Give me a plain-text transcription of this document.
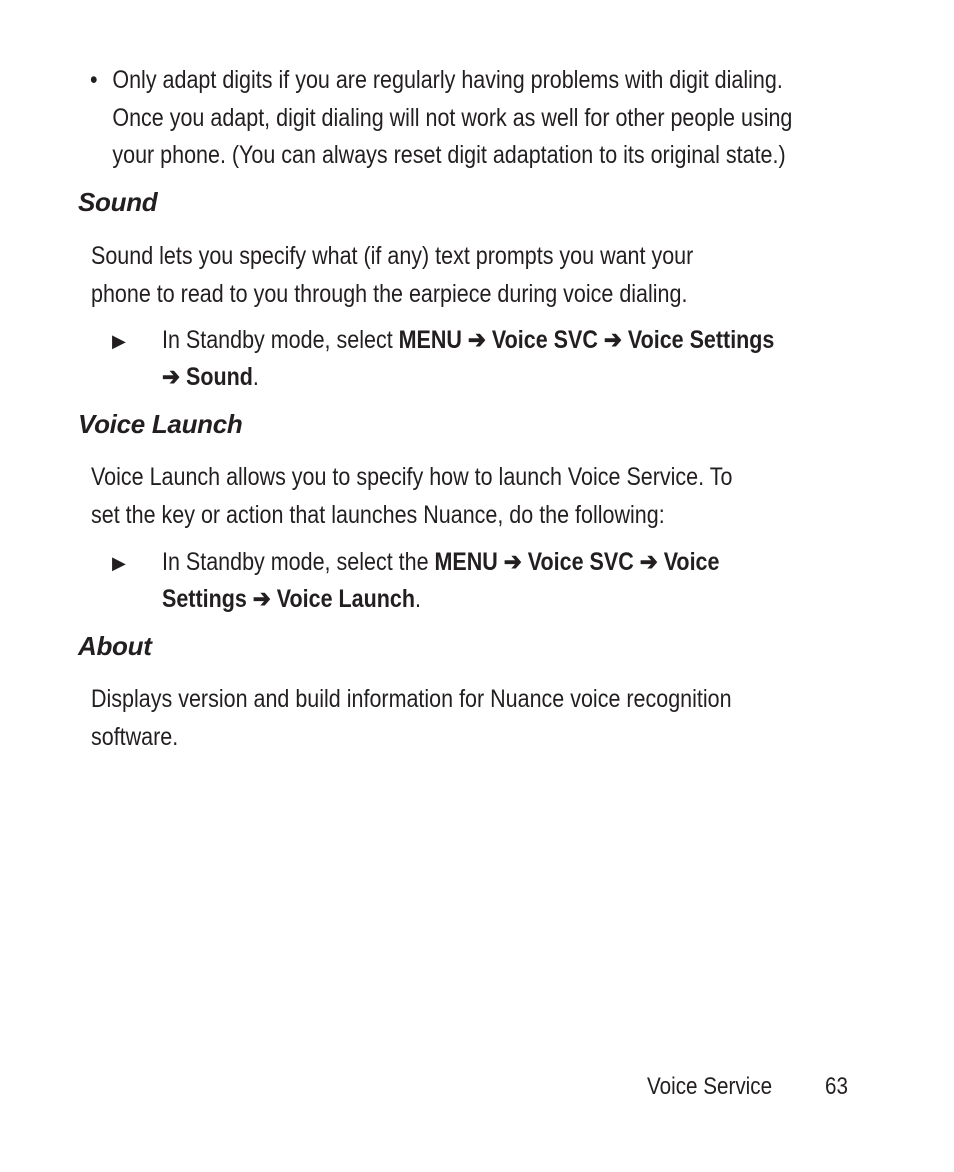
• Only adapt digits if you are regularly having problems with digit dialing.
Once you adapt, digit dialing will not work as well for other people using
your phone. (You can always reset digit adaptation to its original state.)
Sound
Sound lets you specify what (if any) text prompts you want your
phone to read to you through the earpiece during voice dialing.
▶ In Standby mode, select MENU ➔ Voice SVC ➔ Voice Settings
➔ Sound.
Voice Launch
Voice Launch allows you to specify how to launch Voice Service. To
set the key or action that launches Nuance, do the following:
▶ In Standby mode, select the MENU ➔ Voice SVC ➔ Voice
Settings ➔ Voice Launch.
About
Displays version and build information for Nuance voice recognition
software.
Voice Service 63
